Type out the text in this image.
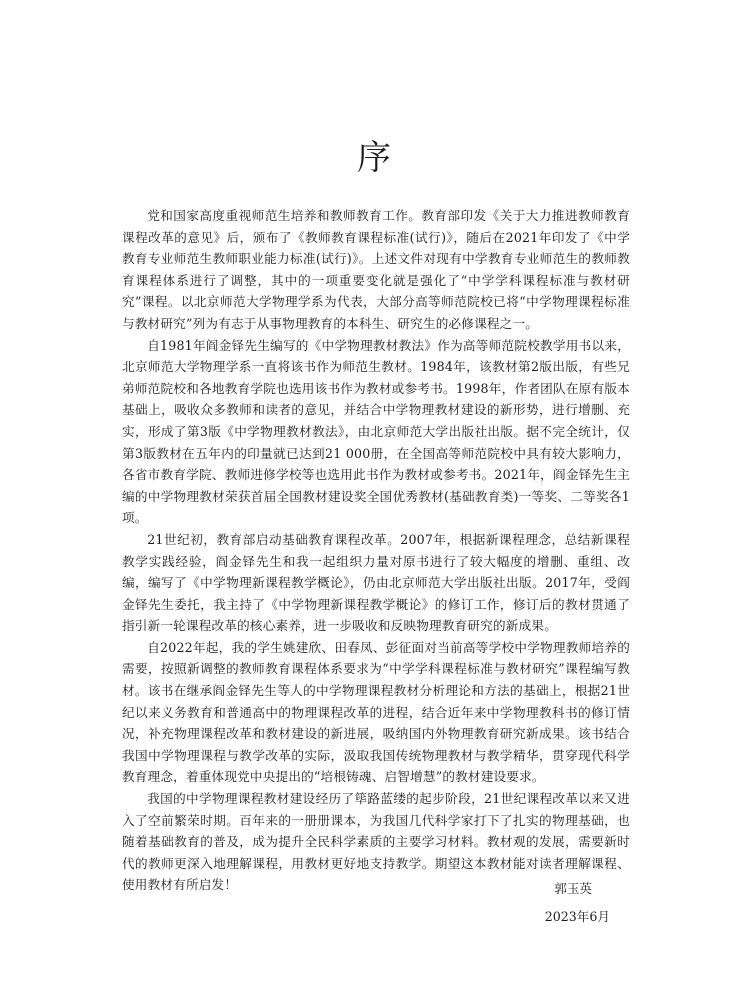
序

党和国家高度重视师范生培养和教师教育工作。教育部印发《关于大力推进教师教育课程改革的意见》后，颁布了《教师教育课程标准(试行)》，随后在2021年印发了《中学教育专业师范生教师职业能力标准(试行)》。上述文件对现有中学教育专业师范生的教师教育课程体系进行了调整，其中的一项重要变化就是强化了“中学学科课程标准与教材研究”课程。以北京师范大学物理学系为代表，大部分高等师范院校已将“中学物理课程标准与教材研究”列为有志于从事物理教育的本科生、研究生的必修课程之一。

自1981年阎金铎先生编写的《中学物理教材教法》作为高等师范院校教学用书以来，北京师范大学物理学系一直将该书作为师范生教材。1984年，该教材第2版出版，有些兄弟师范院校和各地教育学院也选用该书作为教材或参考书。1998年，作者团队在原有版本基础上，吸收众多教师和读者的意见，并结合中学物理教材建设的新形势，进行增删、充实，形成了第3版《中学物理教材教法》，由北京师范大学出版社出版。据不完全统计，仅第3版教材在五年内的印量就已达到21 000册，在全国高等师范院校中具有较大影响力，各省市教育学院、教师进修学校等也选用此书作为教材或参考书。2021年，阎金铎先生主编的中学物理教材荣获首届全国教材建设奖全国优秀教材(基础教育类)一等奖、二等奖各1项。

21世纪初，教育部启动基础教育课程改革。2007年，根据新课程理念，总结新课程教学实践经验，阎金铎先生和我一起组织力量对原书进行了较大幅度的增删、重组、改编，编写了《中学物理新课程教学概论》，仍由北京师范大学出版社出版。2017年，受阎金铎先生委托，我主持了《中学物理新课程教学概论》的修订工作，修订后的教材贯通了指引新一轮课程改革的核心素养，进一步吸收和反映物理教育研究的新成果。

自2022年起，我的学生姚建欣、田春凤、彭征面对当前高等学校中学物理教师培养的需要，按照新调整的教师教育课程体系要求为“中学学科课程标准与教材研究”课程编写教材。该书在继承阎金铎先生等人的中学物理课程教材分析理论和方法的基础上，根据21世纪以来义务教育和普通高中的物理课程改革的进程，结合近年来中学物理教科书的修订情况，补充物理课程改革和教材建设的新进展，吸纳国内外物理教育研究新成果。该书结合我国中学物理课程与教学改革的实际，汲取我国传统物理教材与教学精华，贯穿现代科学教育理念，着重体现党中央提出的“培根铸魂、启智增慧”的教材建设要求。

我国的中学物理课程教材建设经历了筚路蓝缕的起步阶段，21世纪课程改革以来又进入了空前繁荣时期。百年来的一册册课本，为我国几代科学家打下了扎实的物理基础，也随着基础教育的普及，成为提升全民科学素质的主要学习材料。教材观的发展，需要新时代的教师更深入地理解课程，用教材更好地支持教学。期望这本教材能对读者理解课程、使用教材有所启发！	郭玉英

2023年6月
